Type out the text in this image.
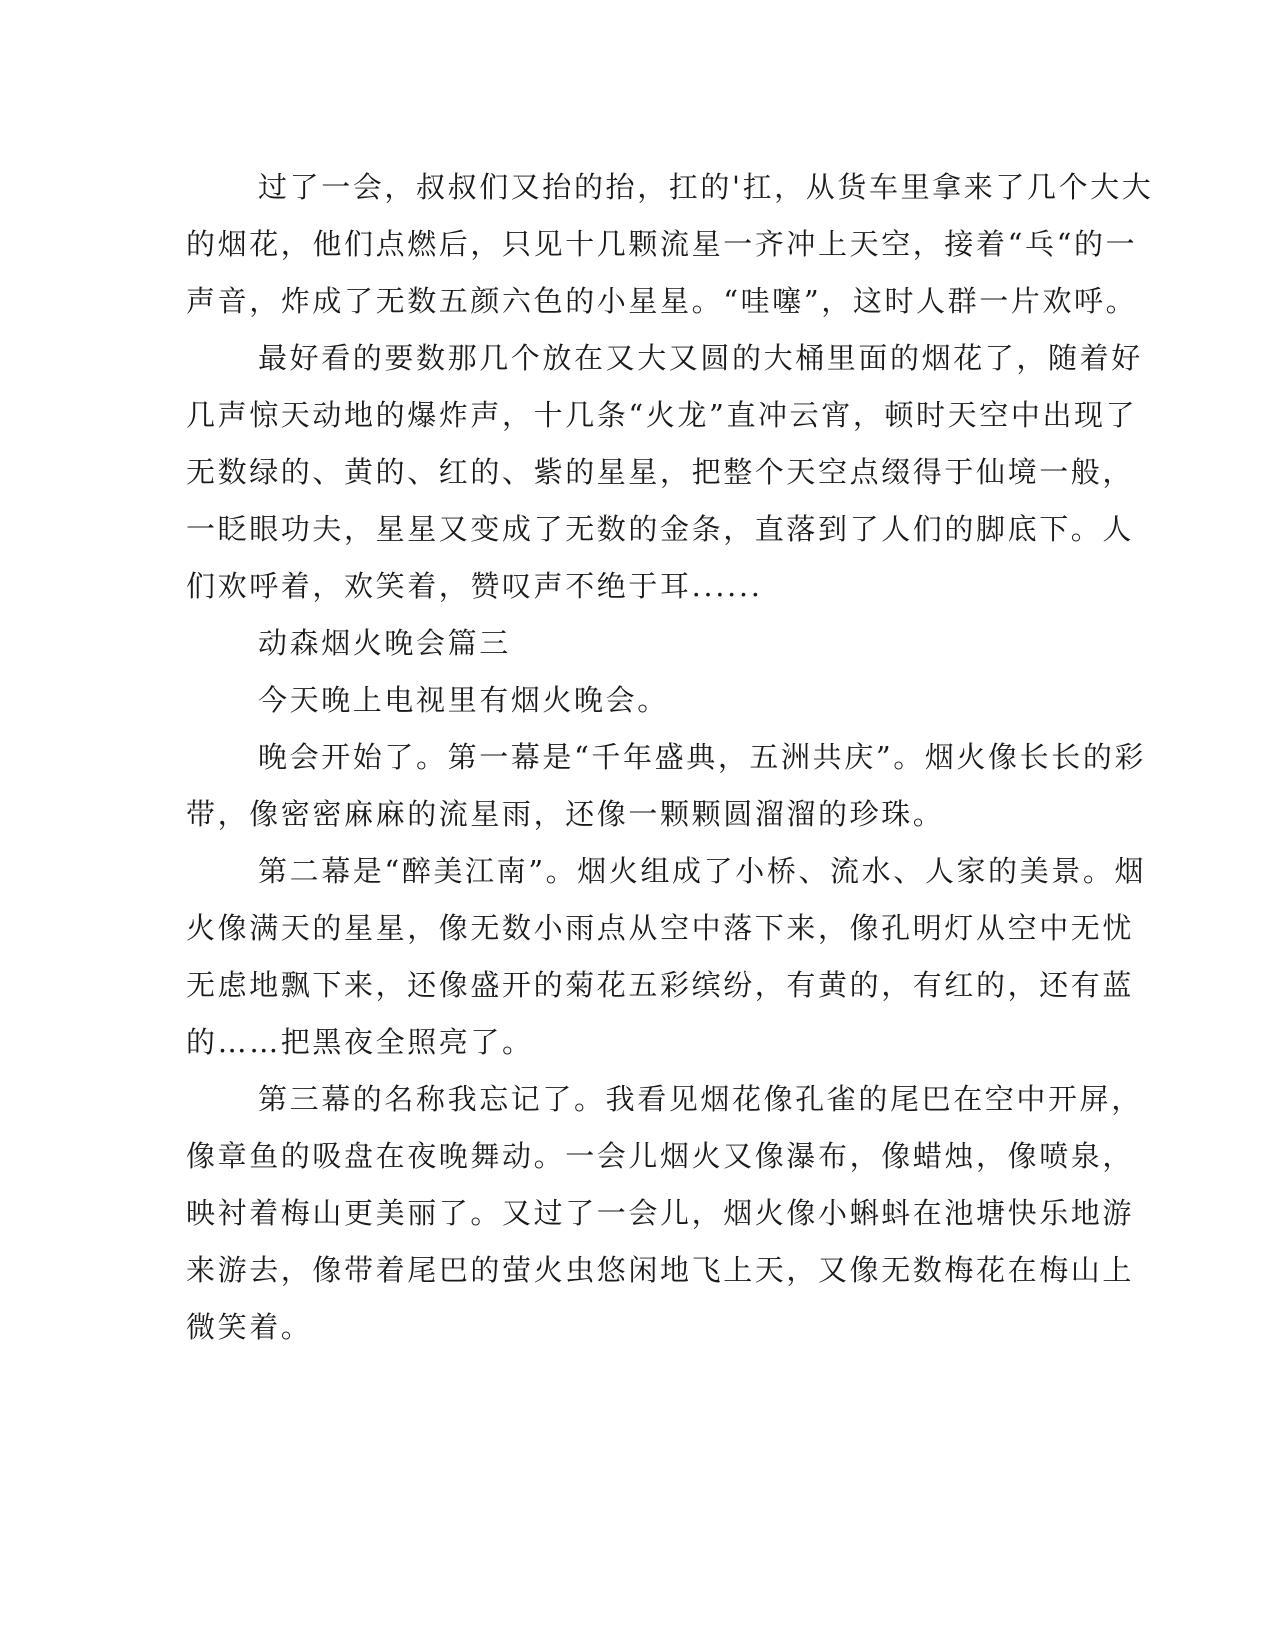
过了一会，叔叔们又抬的抬，扛的'扛，从货车里拿来了几个大大
的烟花，他们点燃后，只见十几颗流星一齐冲上天空，接着“乓“的一
声音，炸成了无数五颜六色的小星星。“哇噻”，这时人群一片欢呼。
最好看的要数那几个放在又大又圆的大桶里面的烟花了，随着好
几声惊天动地的爆炸声，十几条“火龙”直冲云宵，顿时天空中出现了
无数绿的、黄的、红的、紫的星星，把整个天空点缀得于仙境一般，
一眨眼功夫，星星又变成了无数的金条，直落到了人们的脚底下。人
们欢呼着，欢笑着，赞叹声不绝于耳......
动森烟火晚会篇三
今天晚上电视里有烟火晚会。
晚会开始了。第一幕是“千年盛典，五洲共庆”。烟火像长长的彩
带，像密密麻麻的流星雨，还像一颗颗圆溜溜的珍珠。
第二幕是“醉美江南”。烟火组成了小桥、流水、人家的美景。烟
火像满天的星星，像无数小雨点从空中落下来，像孔明灯从空中无忧
无虑地飘下来，还像盛开的菊花五彩缤纷，有黄的，有红的，还有蓝
的……把黑夜全照亮了。
第三幕的名称我忘记了。我看见烟花像孔雀的尾巴在空中开屏，
像章鱼的吸盘在夜晚舞动。一会儿烟火又像瀑布，像蜡烛，像喷泉，
映衬着梅山更美丽了。又过了一会儿，烟火像小蝌蚪在池塘快乐地游
来游去，像带着尾巴的萤火虫悠闲地飞上天，又像无数梅花在梅山上
微笑着。
